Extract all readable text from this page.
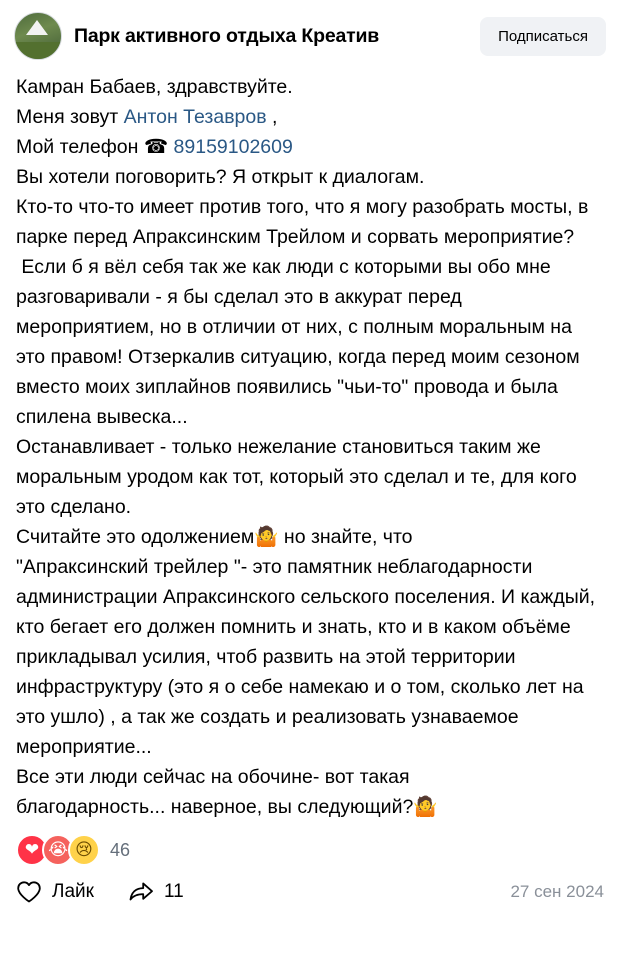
Парк активного отдыха Креатив	Подписаться

Камран Бабаев, здравствуйте.

Меня зовут Антон Тезавров ,

Мой телефон ☎ 89159102609

Вы хотели поговорить? Я открыт к диалогам.

Кто-то что-то имеет против того, что я могу разобрать мосты, в парке перед Апраксинским Трейлом и сорвать мероприятие?

Если б я вёл себя так же как люди с которыми вы обо мне разговаривали - я бы сделал это в аккурат перед мероприятием, но в отличии от них, с полным моральным на это правом! Отзеркалив ситуацию, когда перед моим сезоном вместо моих зиплайнов появились "чьи-то" провода и была спилена вывеска...

Останавливает - только нежелание становиться таким же моральным уродом как тот, который это сделал и те, для кого это сделано.

Считайте это одолжением🤷 но знайте, что

"Апраксинский трейлер "- это памятник неблагодарности администрации Апраксинского сельского поселения. И каждый, кто бегает его должен помнить и знать, кто и в каком объёме прикладывал усилия, чтоб развить на этой территории инфраструктуру (это я о себе намекаю и о том, сколько лет на это ушло) , а так же создать и реализовать узнаваемое мероприятие...

Все эти люди сейчас на обочине- вот такая

благодарность... наверное, вы следующий?🤷

❤ 😭 😢 46
Лайк	11	27 сен 2024
